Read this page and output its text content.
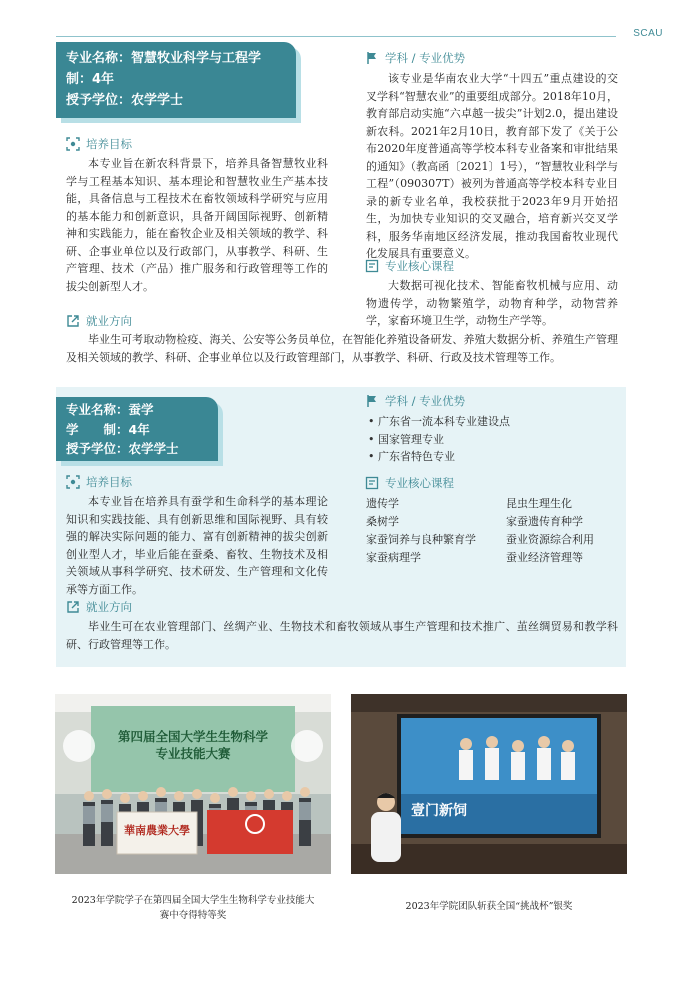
SCAU
专业名称：智慧牧业科学与工程学
制：4年
授予学位：农学学士
培养目标
本专业旨在新农科背景下，培养具备智慧牧业科学与工程基本知识、基本理论和智慧牧业生产基本技能，具备信息与工程技术在畜牧领域科学研究与应用的基本能力和创新意识，具备开阔国际视野、创新精神和实践能力，能在畜牧企业及相关领域的教学、科研、企事业单位以及行政部门，从事教学、科研、生产管理、技术（产品）推广服务和行政管理等工作的拔尖创新型人才。
学科 / 专业优势
该专业是华南农业大学“十四五”重点建设的交叉学科“智慧农业”的重要组成部分。2018年10月，教育部启动实施“六卓越一拔尖”计划2.0，提出建设新农科。2021年2月10日，教育部下发了《关于公布2020年度普通高等学校本科专业备案和审批结果的通知》（教高函〔2021〕1号），“智慧牧业科学与工程”（090307T）被列为普通高等学校本科专业目录的新专业名单，我校获批于2023年9月开始招生，为加快专业知识的交叉融合，培育新兴交叉学科，服务华南地区经济发展，推动我国畜牧业现代化发展具有重要意义。
专业核心课程
大数据可视化技术、智能畜牧机械与应用、动物遗传学，动物繁殖学，动物育种学，动物营养学，家畜环境卫生学，动物生产学等。
就业方向
毕业生可考取动物检疫、海关、公安等公务员单位，在智能化养殖设备研发、养殖大数据分析、养殖生产管理及相关领域的教学、科研、企事业单位以及行政管理部门，从事教学、科研、行政及技术管理等工作。
专业名称：蚕学
学　　制：4年
授予学位：农学学士
培养目标
本专业旨在培养具有蚕学和生命科学的基本理论知识和实践技能、具有创新思维和国际视野、具有较强的解决实际问题的能力、富有创新精神的拔尖创新创业型人才，毕业后能在蚕桑、畜牧、生物技术及相关领域从事科学研究、技术研发、生产管理和文化传承等方面工作。
学科 / 专业优势
• 广东省一流本科专业建设点
• 国家管理专业
• 广东省特色专业
专业核心课程
遗传学	昆虫生理生化
桑树学	家蚕遗传育种学
家蚕饲养与良种繁育学	蚕业资源综合利用
家蚕病理学	蚕业经济管理等
就业方向
毕业生可在农业管理部门、丝绸产业、生物技术和畜牧领域从事生产管理和技术推广、茧丝绸贸易和教学科研、行政管理等工作。
第四届全国大学生生物科学
专业技能大赛
華南農業大學
壹门新饲
2023年学院学子在第四届全国大学生生物科学专业技能大
赛中夺得特等奖
2023年学院团队斩获全国“挑战杯”银奖
